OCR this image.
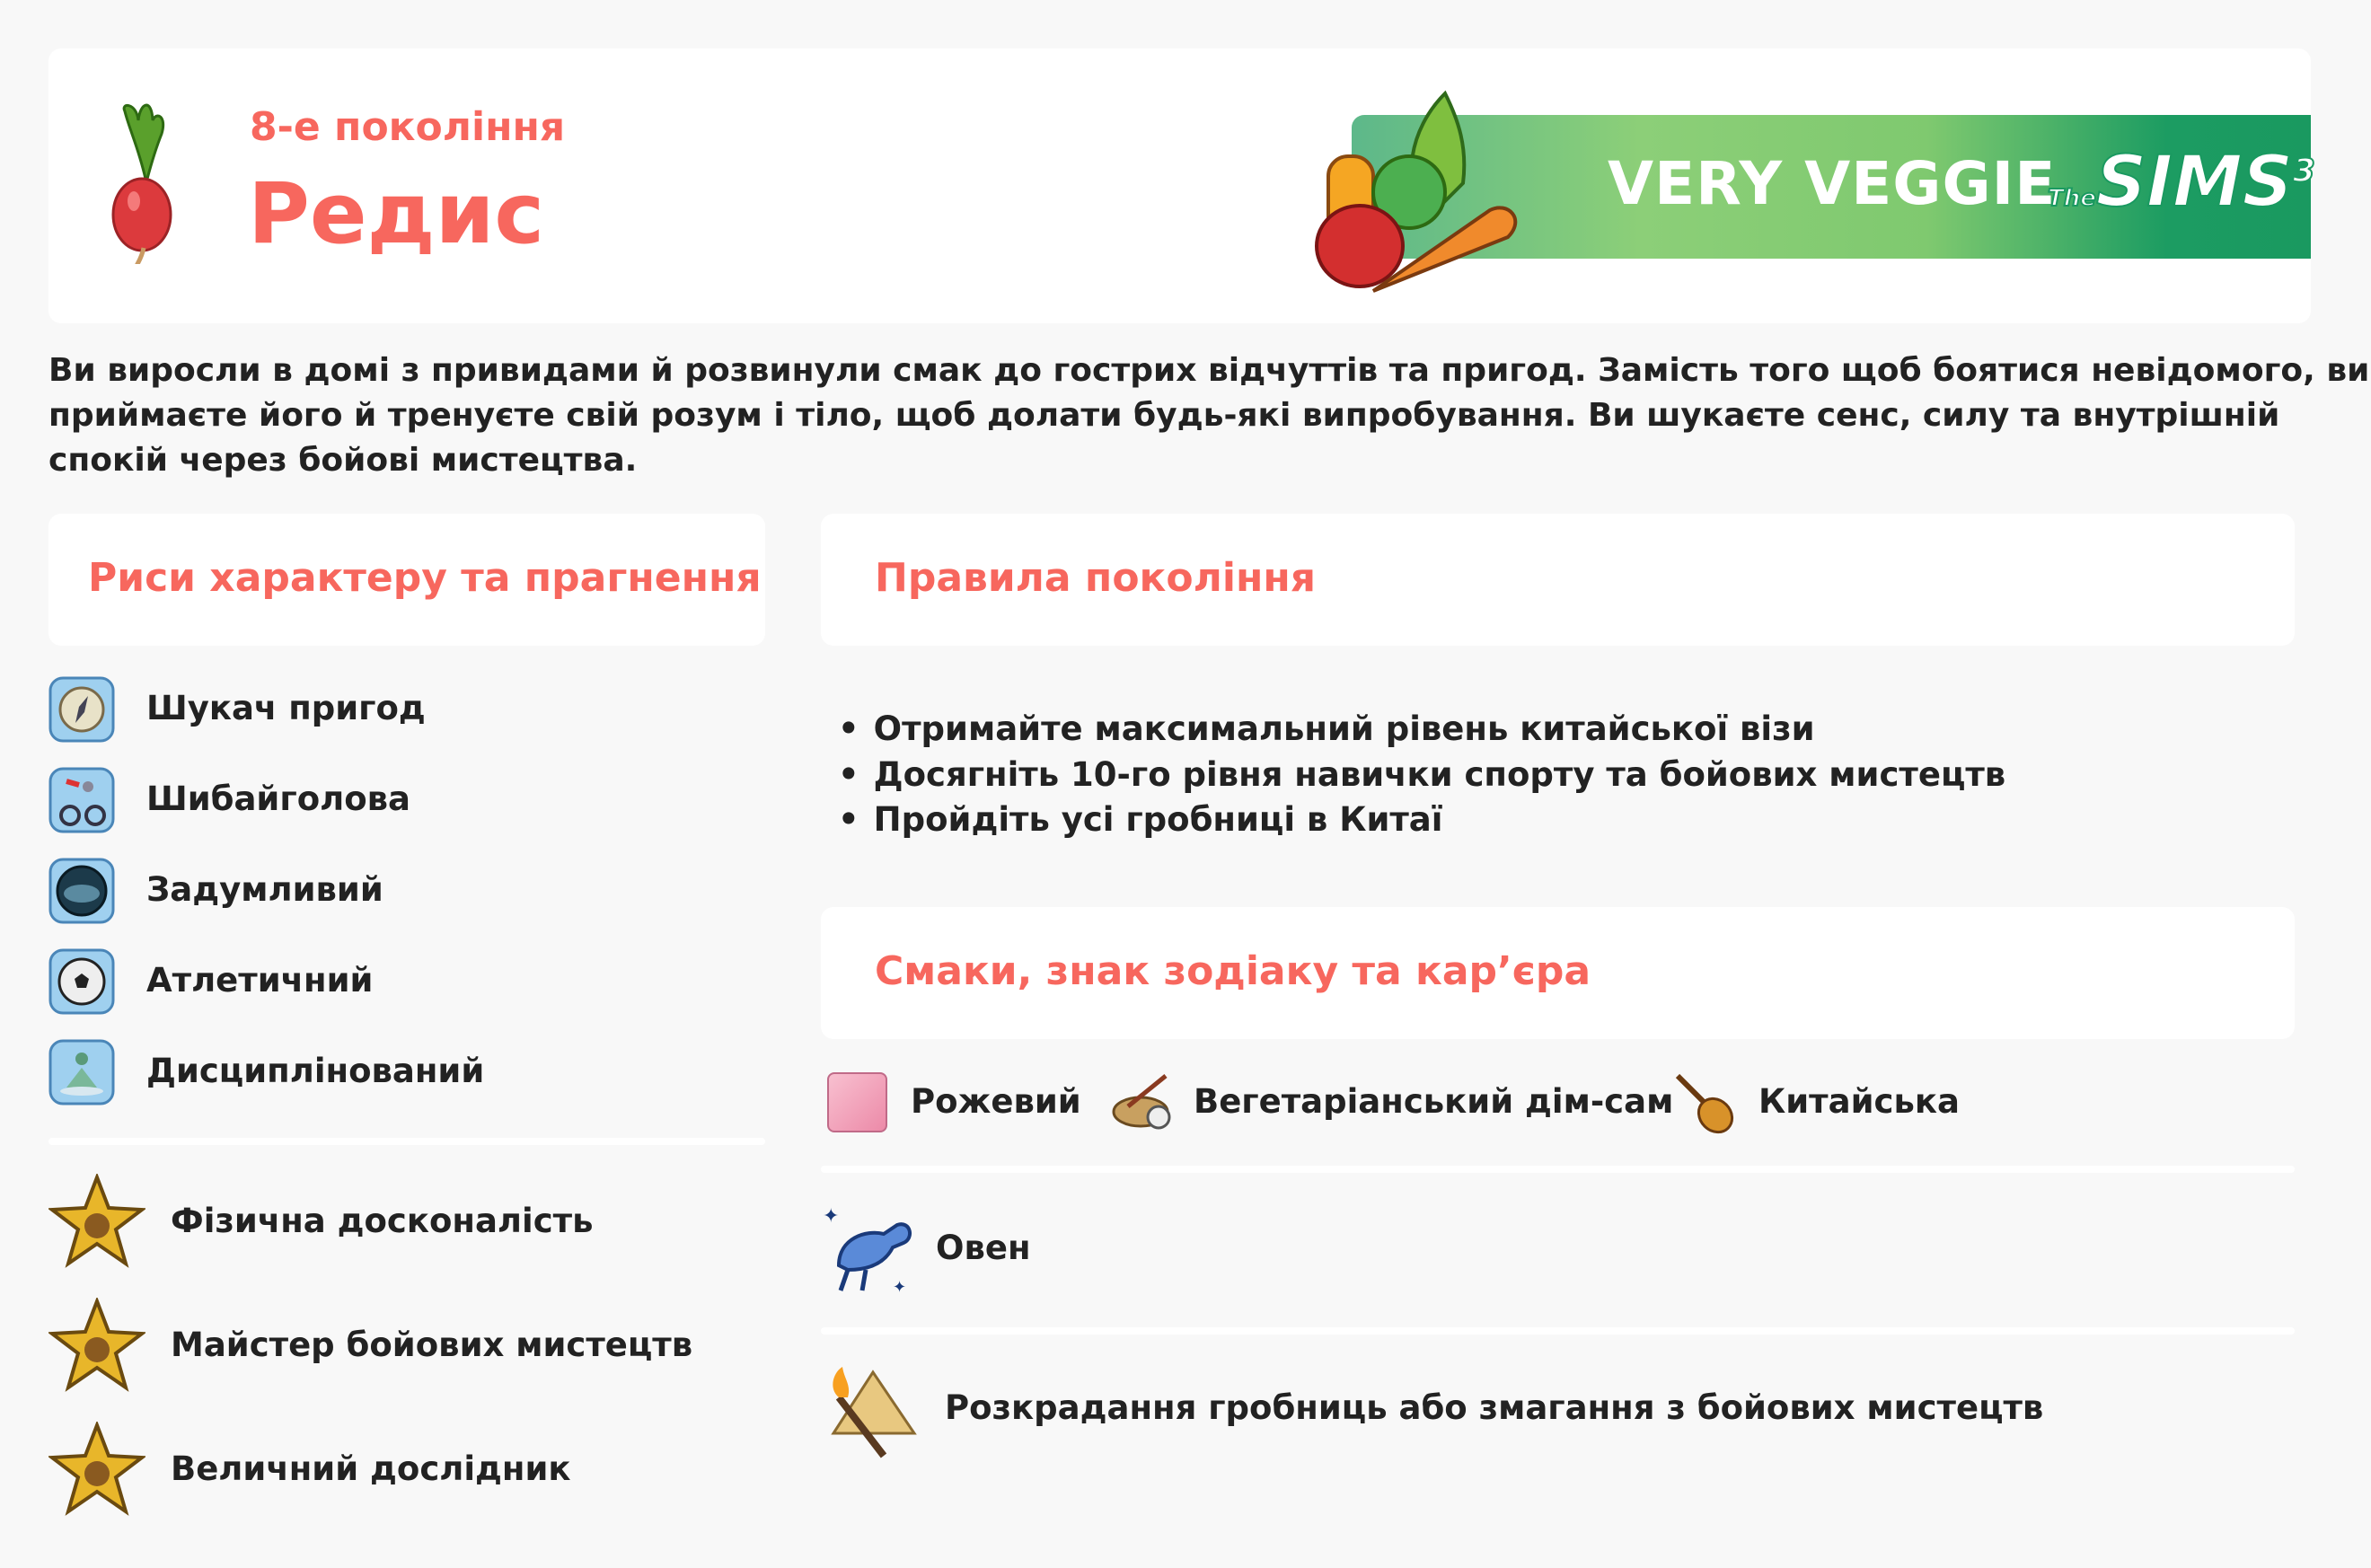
8-е покоління
Редис	VERY VEGGIE
TheSIMS$^3$
Ви виросли в домі з привидами й розвинули смак до гострих відчуттів та пригод. Замість того щоб боятися невідомого, ви
приймаєте його й тренуєте свій розум і тіло, щоб долати будь-які випробування. Ви шукаєте сенс, силу та внутрішній
спокій через бойові мистецтва.
Риси характеру та прагнення
Шукач пригод
Шибайголова
Задумливий
Атлетичний
Дисциплінований
Фізична досконалість
Майстер бойових мистецтв
Величний дослідник
Правила покоління
• Отримайте максимальний рівень китайської візи
• Досягніть 10-го рівня навички спорту та бойових мистецтв
• Пройдіть усі гробниці в Китаї
Смаки, знак зодіаку та кар’єра
Рожевий	Вегетаріанський дім-сам	Китайська
✦
✦
Овен
Розкрадання гробниць або змагання з бойових мистецтв
